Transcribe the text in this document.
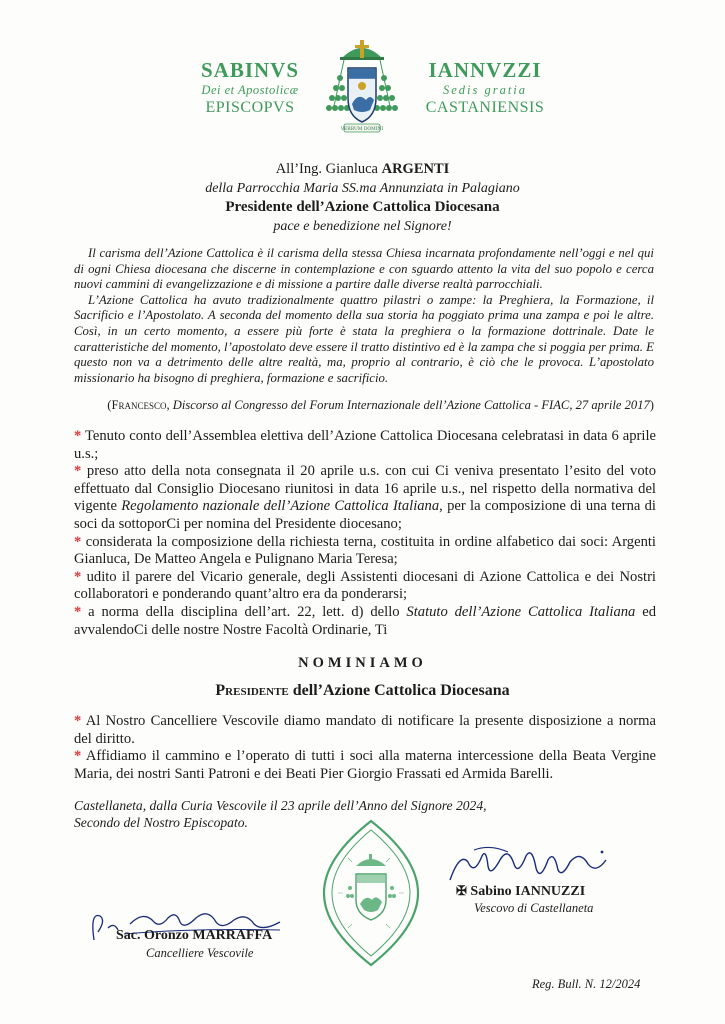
SABINVS
Dei et Apostolicæ
EPISCOPVS
VERBUM DOMINI
IANNVZZI
Sedis gratia
CASTANIENSIS
All’Ing. Gianluca ARGENTI
della Parrocchia Maria SS.ma Annunziata in Palagiano
Presidente dell’Azione Cattolica Diocesana
pace e benedizione nel Signore!

Il carisma dell’Azione Cattolica è il carisma della stessa Chiesa incarnata profondamente nell’oggi e nel qui di ogni Chiesa diocesana che discerne in contemplazione e con sguardo attento la vita del suo popolo e cerca nuovi cammini di evangelizzazione e di missione a partire dalle diverse realtà parrocchiali.

L’Azione Cattolica ha avuto tradizionalmente quattro pilastri o zampe: la Preghiera, la Formazione, il Sacrificio e l’Apostolato. A seconda del momento della sua storia ha poggiato prima una zampa e poi le altre. Così, in un certo momento, a essere più forte è stata la preghiera o la formazione dottrinale. Date le caratteristiche del momento, l’apostolato deve essere il tratto distintivo ed è la zampa che si poggia per prima. E questo non va a detrimento delle altre realtà, ma, proprio al contrario, è ciò che le provoca. L’apostolato missionario ha bisogno di preghiera, formazione e sacrificio.

(Francesco, Discorso al Congresso del Forum Internazionale dell’Azione Cattolica - FIAC, 27 aprile 2017)
* Tenuto conto dell’Assemblea elettiva dell’Azione Cattolica Diocesana celebratasi in data 6 aprile u.s.;
* preso atto della nota consegnata il 20 aprile u.s. con cui Ci veniva presentato l’esito del voto effettuato dal Consiglio Diocesano riunitosi in data 16 aprile u.s., nel rispetto della normativa del vigente Regolamento nazionale dell’Azione Cattolica Italiana, per la composizione di una terna di soci da sottoporCi per nomina del Presidente diocesano;
* considerata la composizione della richiesta terna, costituita in ordine alfabetico dai soci: Argenti Gianluca, De Matteo Angela e Pulignano Maria Teresa;
* udito il parere del Vicario generale, degli Assistenti diocesani di Azione Cattolica e dei Nostri collaboratori e ponderando quant’altro era da ponderarsi;
* a norma della disciplina dell’art. 22, lett. d) dello Statuto dell’Azione Cattolica Italiana ed avvalendoCi delle nostre Nostre Facoltà Ordinarie, Ti
NOMINIAMO
Presidente dell’Azione Cattolica Diocesana
* Al Nostro Cancelliere Vescovile diamo mandato di notificare la presente disposizione a norma del diritto.
* Affidiamo il cammino e l’operato di tutti i soci alla materna intercessione della Beata Vergine Maria, dei nostri Santi Patroni e dei Beati Pier Giorgio Frassati ed Armida Barelli.
Castellaneta, dalla Curia Vescovile il 23 aprile dell’Anno del Signore 2024,
Secondo del Nostro Episcopato.
✠ Sabino IANNUZZI
Vescovo di Castellaneta
Sac. Oronzo MARRAFFA
Cancelliere Vescovile
Reg. Bull. N. 12/2024
